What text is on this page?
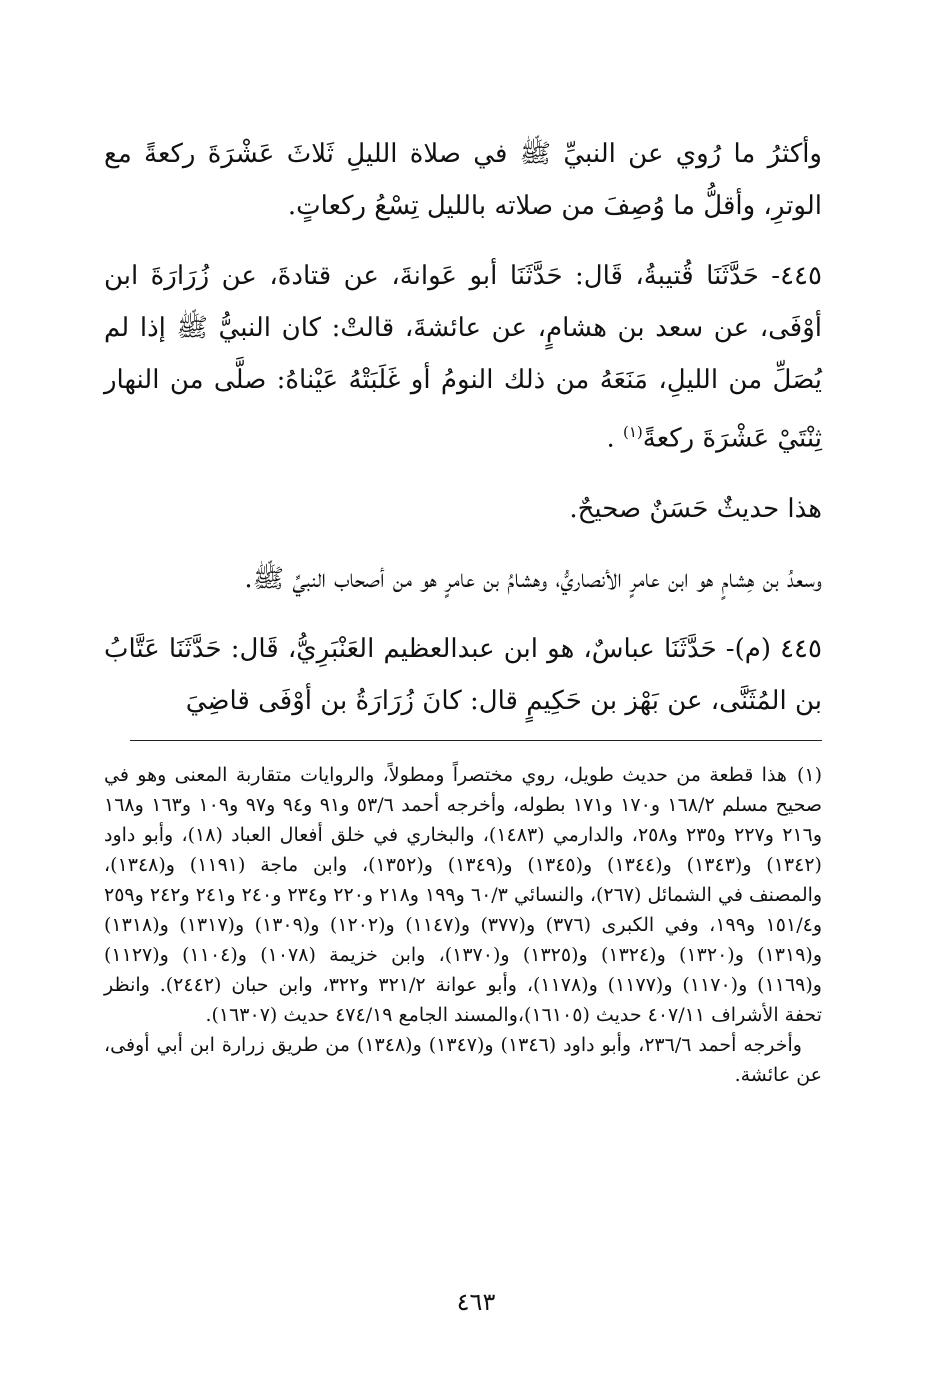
وأكثرُ ما رُوي عن النبيِّ ﷺ في صلاة الليلِ ثَلاثَ عَشْرَةَ ركعةً مع الوترِ، وأقلُّ ما وُصِفَ من صلاته بالليل تِسْعُ ركعاتٍ.

٤٤٥- حَدَّثَنَا قُتيبةُ، قَال: حَدَّثَنَا أبو عَوانةَ، عن قتادةَ، عن زُرَارَةَ ابن أوْفَى، عن سعد بن هشامٍ، عن عائشةَ، قالتْ: كان النبيُّ ﷺ إذا لم يُصَلِّ من الليلِ، مَنَعَهُ من ذلك النومُ أو غَلَبَتْهُ عَيْناهُ: صلَّى من النهار ثِنْتَيْ عَشْرَةَ ركعةً$^{(١)}$ .

هذا حديثٌ حَسَنٌ صحيحٌ.

وسعدُ بن هِشامٍ هو ابن عامرٍ الأنصاريُّ، وهشامُ بن عامرٍ هو من أصحاب النبيِّ ﷺ.

٤٤٥ (م)- حَدَّثَنَا عباسٌ، هو ابن عبدالعظيم العَنْبَرِيُّ، قَال: حَدَّثَنَا عَتَّابُ بن المُثَنَّى، عن بَهْز بن حَكِيمٍ قال: كانَ زُرَارَةُ بن أوْفَى قاضِيَ

(١)هذا قطعة من حديث طويل، روي مختصراً ومطولاً، والروايات متقاربة المعنى وهو في صحيح مسلم ١٦٨/٢ و١٧٠ و١٧١ بطوله، وأخرجه أحمد ٥٣/٦ و٩١ و٩٤ و٩٧ و١٠٩ و١٦٣ و١٦٨ و٢١٦ و٢٢٧ و٢٣٥ و٢٥٨، والدارمي (١٤٨٣)، والبخاري في خلق أفعال العباد (١٨)، وأبو داود (١٣٤٢) و(١٣٤٣) و(١٣٤٤) و(١٣٤٥) و(١٣٤٩) و(١٣٥٢)، وابن ماجة (١١٩١) و(١٣٤٨)، والمصنف في الشمائل (٢٦٧)، والنسائي ٦٠/٣ و١٩٩ و٢١٨ و٢٢٠ و٢٣٤ و٢٤٠ و٢٤١ و٢٤٢ و٢٥٩ و١٥١/٤ و١٩٩، وفي الكبرى (٣٧٦) و(٣٧٧) و(١١٤٧) و(١٢٠٢) و(١٣٠٩) و(١٣١٧) و(١٣١٨) و(١٣١٩) و(١٣٢٠) و(١٣٢٤) و(١٣٢٥) و(١٣٧٠)، وابن خزيمة (١٠٧٨) و(١١٠٤) و(١١٢٧) و(١١٦٩) و(١١٧٠) و(١١٧٧) و(١١٧٨)، وأبو عوانة ٣٢١/٢ و٣٢٢، وابن حبان (٢٤٤٢). وانظر تحفة الأشراف ٤٠٧/١١ حديث (١٦١٠٥)،والمسند الجامع ٤٧٤/١٩ حديث (١٦٣٠٧).

وأخرجه أحمد ٢٣٦/٦، وأبو داود (١٣٤٦) و(١٣٤٧) و(١٣٤٨) من طريق زرارة ابن أبي أوفى، عن عائشة.

٤٦٣
